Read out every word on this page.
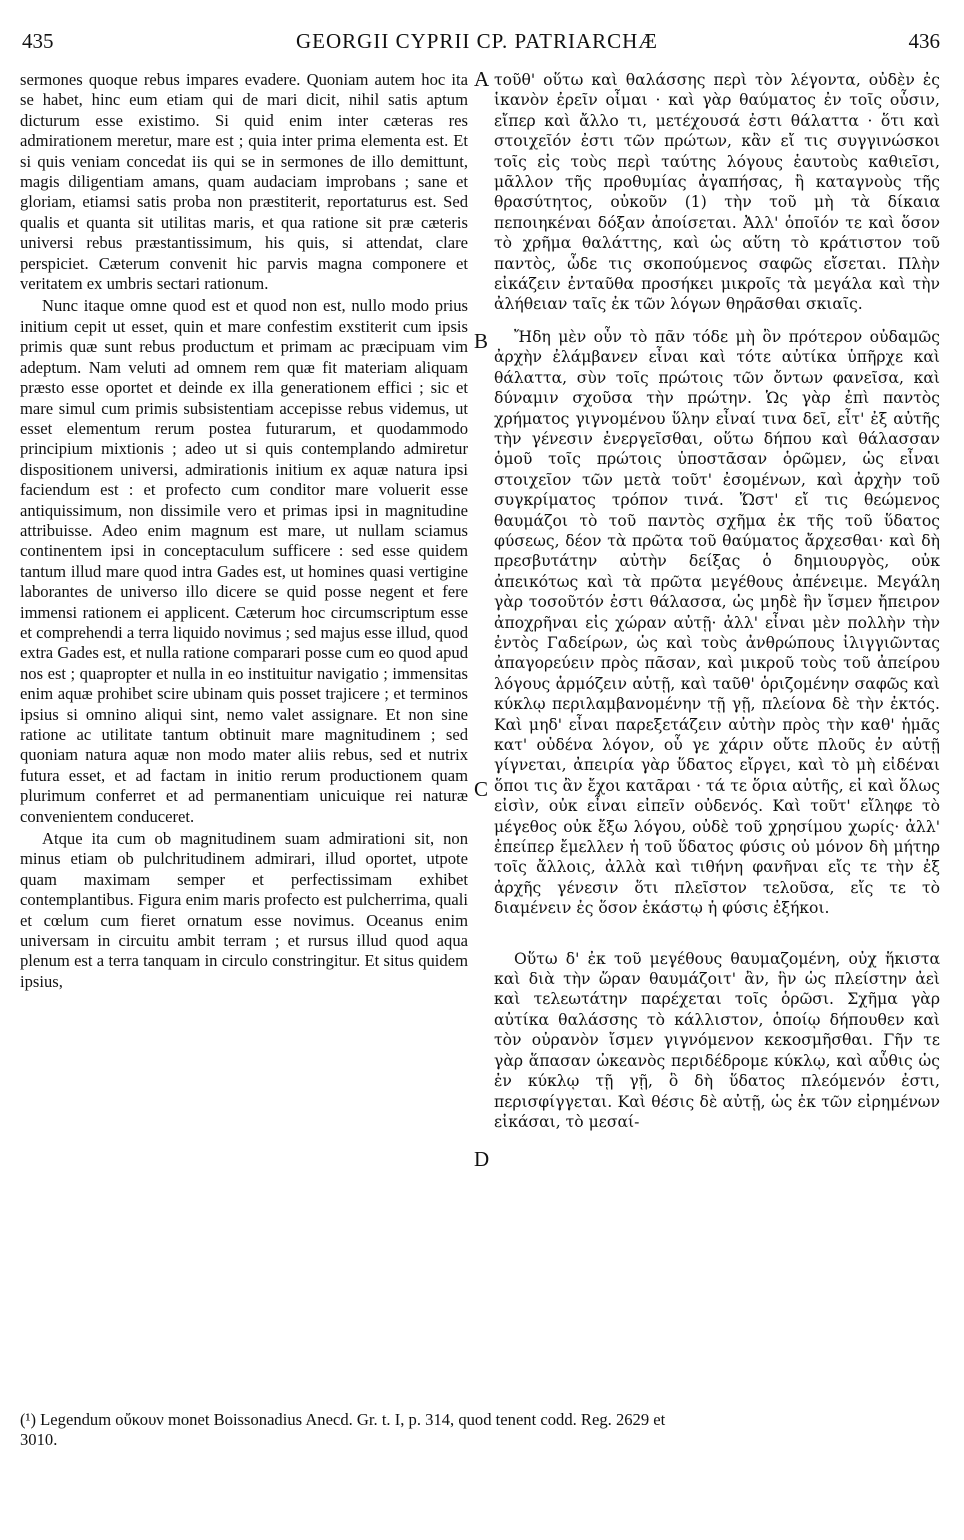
435	GEORGII CYPRII CP. PATRIARCHÆ	436

sermones quoque rebus impares evadere. Quoniam autem hoc ita se habet, hinc eum etiam qui de mari dicit, nihil satis aptum dicturum esse existimo. Si quid enim inter cæteras res admirationem meretur, mare est ; quia inter prima elementa est. Et si quis veniam concedat iis qui se in sermones de illo demittunt, magis diligentiam amans, quam audaciam improbans ; sane et gloriam, etiamsi satis proba non præstiterit, reportaturus est. Sed qualis et quanta sit utilitas maris, et qua ratione sit præ cæteris universi rebus præstantissimum, his quis, si attendat, clare perspiciet. Cæterum convenit hic parvis magna componere et veritatem ex umbris sectari rationum.

Nunc itaque omne quod est et quod non est, nullo modo prius initium cepit ut esset, quin et mare confestim exstiterit cum ipsis primis quæ sunt rebus productum et primam ac præcipuam vim adeptum. Nam veluti ad omnem rem quæ fit materiam aliquam præsto esse oportet et deinde ex illa generationem effici ; sic et mare simul cum primis subsistentiam accepisse rebus videmus, ut esset elementum rerum postea futurarum, et quodammodo principium mixtionis ; adeo ut si quis contemplando admiretur dispositionem universi, admirationis initium ex aquæ natura ipsi faciendum est : et profecto cum conditor mare voluerit esse antiquissimum, non dissimile vero et primas ipsi in magnitudine attribuisse. Adeo enim magnum est mare, ut nullam sciamus continentem ipsi in conceptaculum sufficere : sed esse quidem tantum illud mare quod intra Gades est, ut homines quasi vertigine laborantes de universo illo dicere se quid posse negent et fere immensi rationem ei applicent. Cæterum hoc circumscriptum esse et comprehendi a terra liquido novimus ; sed majus esse illud, quod extra Gades est, et nulla ratione comparari posse cum eo quod apud nos est ; quapropter et nulla in eo instituitur navigatio ; immensitas enim aquæ prohibet scire ubinam quis posset trajicere ; et terminos ipsius si omnino aliqui sint, nemo valet assignare. Et non sine ratione ac utilitate tantum obtinuit mare magnitudinem ; sed quoniam natura aquæ non modo mater aliis rebus, sed et nutrix futura esset, et ad factam in initio rerum productionem quam plurimum conferret et ad permanentiam unicuique rei naturæ convenientem conduceret.

Atque ita cum ob magnitudinem suam admirationi sit, non minus etiam ob pulchritudinem admirari, illud oportet, utpote quam maximam semper et perfectissimam exhibet contemplantibus. Figura enim maris profecto est pulcherrima, quali et cœlum cum fieret ornatum esse novimus. Oceanus enim universam in circuitu ambit terram ; et rursus illud quod aqua plenum est a terra tanquam in circulo constringitur. Et situs quidem ipsius,

τοῦθ' οὕτω καὶ θαλάσσης περὶ τὸν λέγοντα, οὐδὲν ἐς ἱκανὸν ἐρεῖν οἶμαι · καὶ γὰρ θαύματος ἐν τοῖς οὖσιν, εἴπερ καὶ ἄλλο τι, μετέχουσά ἐστι θάλαττα · ὅτι καὶ στοιχεῖόν ἐστι τῶν πρώτων, κἂν εἴ τις συγγινώσκοι τοῖς εἰς τοὺς περὶ ταύτης λόγους ἑαυτοὺς καθιεῖσι, μᾶλλον τῆς προθυμίας ἀγαπήσας, ἢ καταγνοὺς τῆς θρασύτητος, οὐκοῦν (1) τὴν τοῦ μὴ τὰ δίκαια πεποιηκέναι δόξαν ἀποίσεται. Ἀλλ' ὁποῖόν τε καὶ ὅσον τὸ χρῆμα θαλάττης, καὶ ὡς αὕτη τὸ κράτιστον τοῦ παντὸς, ὧδε τις σκοπούμενος σαφῶς εἴσεται. Πλὴν εἰκάζειν ἐνταῦθα προσήκει μικροῖς τὰ μεγάλα καὶ τὴν ἀλήθειαν ταῖς ἐκ τῶν λόγων θηρᾶσθαι σκιαῖς.

Ἤδη μὲν οὖν τὸ πᾶν τόδε μὴ ὂν πρότερον οὐδαμῶς ἀρχὴν ἐλάμβανεν εἶναι καὶ τότε αὐτίκα ὑπῆρχε καὶ θάλαττα, σὺν τοῖς πρώτοις τῶν ὄντων φανεῖσα, καὶ δύναμιν σχοῦσα τὴν πρώτην. Ὡς γὰρ ἐπὶ παντὸς χρήματος γιγνομένου ὕλην εἶναί τινα δεῖ, εἶτ' ἐξ αὐτῆς τὴν γένεσιν ἐνεργεῖσθαι, οὕτω δήπου καὶ θάλασσαν ὁμοῦ τοῖς πρώτοις ὑποστᾶσαν ὁρῶμεν, ὡς εἶναι στοιχεῖον τῶν μετὰ τοῦτ' ἐσομένων, καὶ ἀρχὴν τοῦ συγκρίματος τρόπον τινά. Ὥστ' εἴ τις θεώμενος θαυμάζοι τὸ τοῦ παντὸς σχῆμα ἐκ τῆς τοῦ ὕδατος φύσεως, δέον τὰ πρῶτα τοῦ θαύματος ἄρχεσθαι· καὶ δὴ πρεσβυτάτην αὐτὴν δείξας ὁ δημιουργὸς, οὐκ ἀπεικότως καὶ τὰ πρῶτα μεγέθους ἀπένειμε. Μεγάλη γὰρ τοσοῦτόν ἐστι θάλασσα, ὡς μηδὲ ἣν ἴσμεν ἤπειρον ἀποχρῆναι εἰς χώραν αὐτῇ· ἀλλ' εἶναι μὲν πολλὴν τὴν ἐντὸς Γαδείρων, ὡς καὶ τοὺς ἀνθρώπους ἰλιγγιῶντας ἀπαγορεύειν πρὸς πᾶσαν, καὶ μικροῦ τοὺς τοῦ ἀπείρου λόγους ἁρμόζειν αὐτῇ, καὶ ταῦθ' ὁριζομένην σαφῶς καὶ κύκλῳ περιλαμβανομένην τῇ γῇ, πλείονα δὲ τὴν ἐκτός. Καὶ μηδ' εἶναι παρεξετάζειν αὐτὴν πρὸς τὴν καθ' ἡμᾶς κατ' οὐδένα λόγον, οὗ γε χάριν οὔτε πλοῦς ἐν αὐτῇ γίγνεται, ἀπειρία γὰρ ὕδατος εἴργει, καὶ τὸ μὴ εἰδέναι ὅποι τις ἂν ἔχοι κατᾶραι · τά τε ὅρια αὐτῆς, εἰ καὶ ὅλως εἰσὶν, οὐκ εἶναι εἰπεῖν οὐδενός. Καὶ τοῦτ' εἴληφε τὸ μέγεθος οὐκ ἔξω λόγου, οὐδὲ τοῦ χρησίμου χωρίς· ἀλλ' ἐπείπερ ἔμελλεν ἡ τοῦ ὕδατος φύσις οὐ μόνον δὴ μήτηρ τοῖς ἄλλοις, ἀλλὰ καὶ τιθήνη φανῆναι εἴς τε τὴν ἐξ ἀρχῆς γένεσιν ὅτι πλεῖστον τελοῦσα, εἴς τε τὸ διαμένειν ἐς ὅσον ἑκάστῳ ἡ φύσις ἐξήκοι.

Οὕτω δ' ἐκ τοῦ μεγέθους θαυμαζομένη, οὐχ ἥκιστα καὶ διὰ τὴν ὥραν θαυμάζοιτ' ἂν, ἣν ὡς πλείστην ἀεὶ καὶ τελεωτάτην παρέχεται τοῖς ὁρῶσι. Σχῆμα γὰρ αὐτίκα θαλάσσης τὸ κάλλιστον, ὁποίῳ δήπουθεν καὶ τὸν οὐρανὸν ἴσμεν γιγνόμενον κεκοσμῆσθαι. Γῆν τε γὰρ ἅπασαν ὠκεανὸς περιδέδρομε κύκλῳ, καὶ αὖθις ὡς ἐν κύκλῳ τῇ γῇ, ὃ δὴ ὕδατος πλεόμενόν ἐστι, περισφίγγεται. Καὶ θέσις δὲ αὐτῇ, ὡς ἐκ τῶν εἰρημένων εἰκάσαι, τὸ μεσαί-

A
B
C
D
(¹) Legendum οὔκουν monet Boissonadius Anecd. Gr. t. I, p. 314, quod tenent codd. Reg. 2629 et
3010.
